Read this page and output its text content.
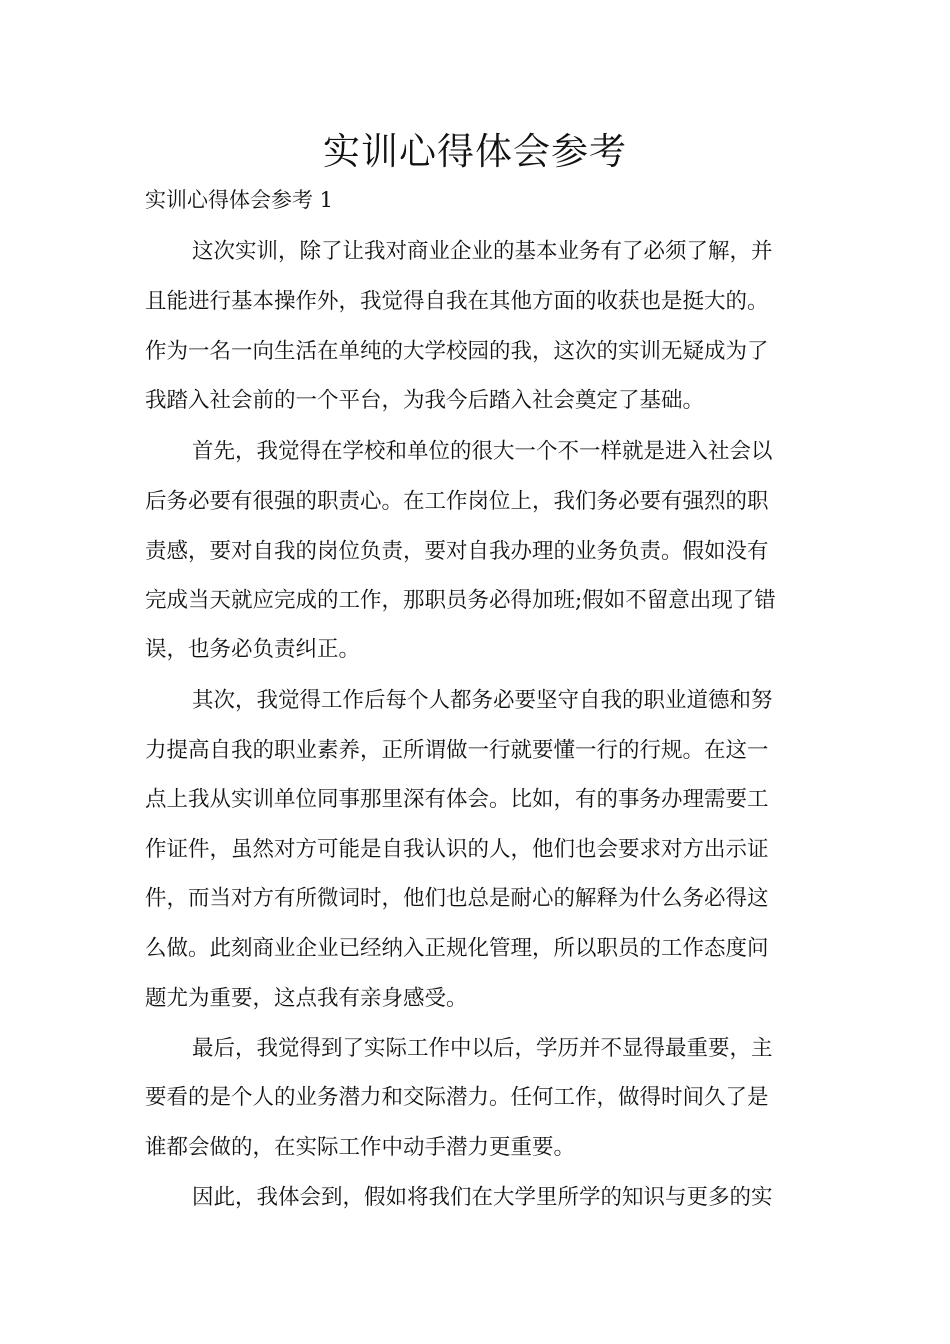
实训心得体会参考
实训心得体会参考 1

这次实训，除了让我对商业企业的基本业务有了必须了解，并

且能进行基本操作外，我觉得自我在其他方面的收获也是挺大的。

作为一名一向生活在单纯的大学校园的我，这次的实训无疑成为了

我踏入社会前的一个平台，为我今后踏入社会奠定了基础。

首先，我觉得在学校和单位的很大一个不一样就是进入社会以

后务必要有很强的职责心。在工作岗位上，我们务必要有强烈的职

责感，要对自我的岗位负责，要对自我办理的业务负责。假如没有

完成当天就应完成的工作，那职员务必得加班;假如不留意出现了错

误，也务必负责纠正。

其次，我觉得工作后每个人都务必要坚守自我的职业道德和努

力提高自我的职业素养，正所谓做一行就要懂一行的行规。在这一

点上我从实训单位同事那里深有体会。比如，有的事务办理需要工

作证件，虽然对方可能是自我认识的人，他们也会要求对方出示证

件，而当对方有所微词时，他们也总是耐心的解释为什么务必得这

么做。此刻商业企业已经纳入正规化管理，所以职员的工作态度问

题尤为重要，这点我有亲身感受。

最后，我觉得到了实际工作中以后，学历并不显得最重要，主

要看的是个人的业务潜力和交际潜力。任何工作，做得时间久了是

谁都会做的，在实际工作中动手潜力更重要。

因此，我体会到，假如将我们在大学里所学的知识与更多的实
